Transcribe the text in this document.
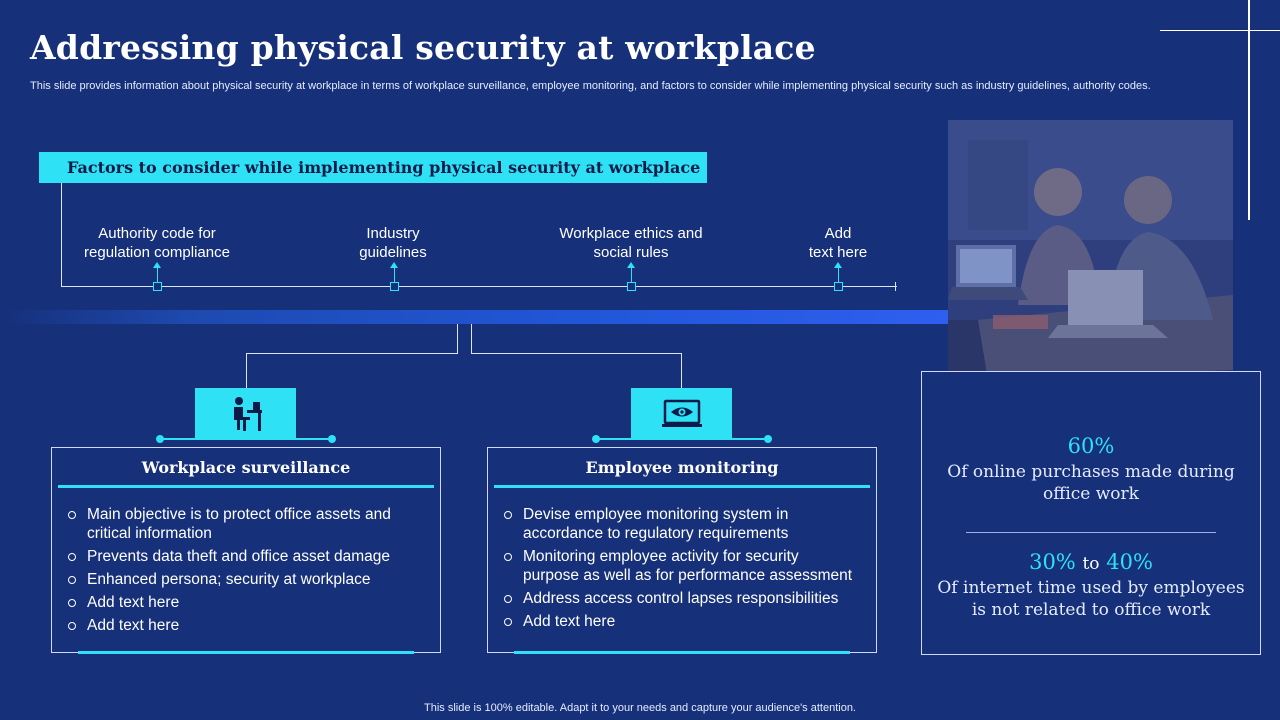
Addressing physical security at workplace
This slide provides information about physical security at workplace in terms of workplace surveillance, employee monitoring, and factors to consider while implementing physical security such as industry guidelines, authority codes.
Factors to consider while implementing physical security at workplace
Authority code for
regulation compliance
Industry
guidelines
Workplace ethics and
social rules
Add
text here
Workplace surveillance
Main objective is to protect office assets and critical information
Prevents data theft and office asset damage
Enhanced persona; security at workplace
Add text here
Add text here
Employee monitoring
Devise employee monitoring system in accordance to regulatory requirements
Monitoring employee activity for security purpose as well as for performance assessment
Address access control lapses responsibilities
Add text here
60%
Of online purchases made during office work
30% to 40%
Of internet time used by employees is not related to office work
This slide is 100% editable. Adapt it to your needs and capture your audience's attention.
